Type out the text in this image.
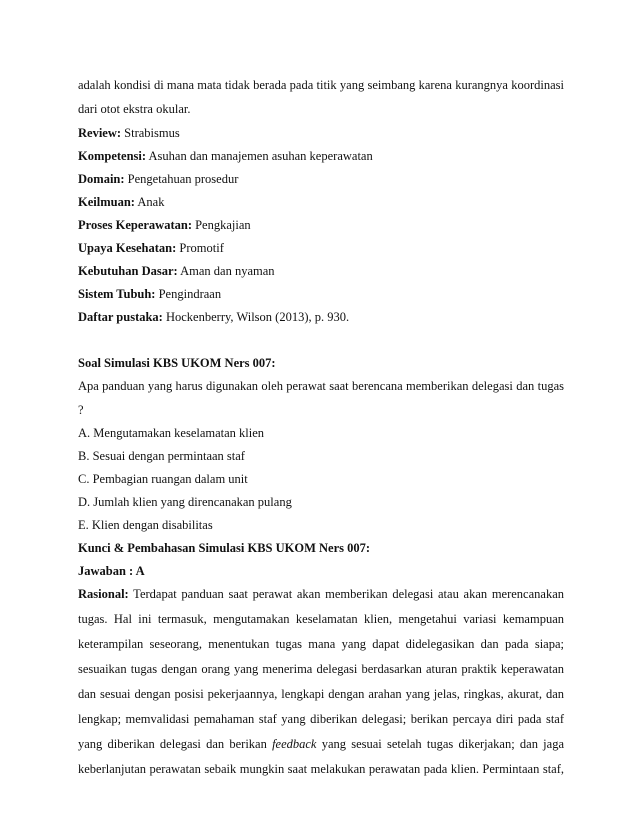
adalah kondisi di mana mata tidak berada pada titik yang seimbang karena kurangnya koordinasi
dari otot ekstra okular.
Review: Strabismus
Kompetensi: Asuhan dan manajemen asuhan keperawatan
Domain: Pengetahuan prosedur
Keilmuan: Anak
Proses Keperawatan: Pengkajian
Upaya Kesehatan: Promotif
Kebutuhan Dasar: Aman dan nyaman
Sistem Tubuh: Pengindraan
Daftar pustaka: Hockenberry, Wilson (2013), p. 930.
Soal Simulasi KBS UKOM Ners 007:
Apa panduan yang harus digunakan oleh perawat saat berencana memberikan delegasi dan tugas
?
A. Mengutamakan keselamatan klien
B. Sesuai dengan permintaan staf
C. Pembagian ruangan dalam unit
D. Jumlah klien yang direncanakan pulang
E. Klien dengan disabilitas
Kunci & Pembahasan Simulasi KBS UKOM Ners 007:
Jawaban : A
Rasional: Terdapat panduan saat perawat akan memberikan delegasi atau akan merencanakan
tugas. Hal ini termasuk, mengutamakan keselamatan klien, mengetahui variasi kemampuan
keterampilan seseorang, menentukan tugas mana yang dapat didelegasikan dan pada siapa;
sesuaikan tugas dengan orang yang menerima delegasi berdasarkan aturan praktik keperawatan
dan sesuai dengan posisi pekerjaannya, lengkapi dengan arahan yang jelas, ringkas, akurat, dan
lengkap; memvalidasi pemahaman staf yang diberikan delegasi; berikan percaya diri pada staf
yang diberikan delegasi dan berikan feedback yang sesuai setelah tugas dikerjakan; dan jaga
keberlanjutan perawatan sebaik mungkin saat melakukan perawatan pada klien. Permintaan staf,
